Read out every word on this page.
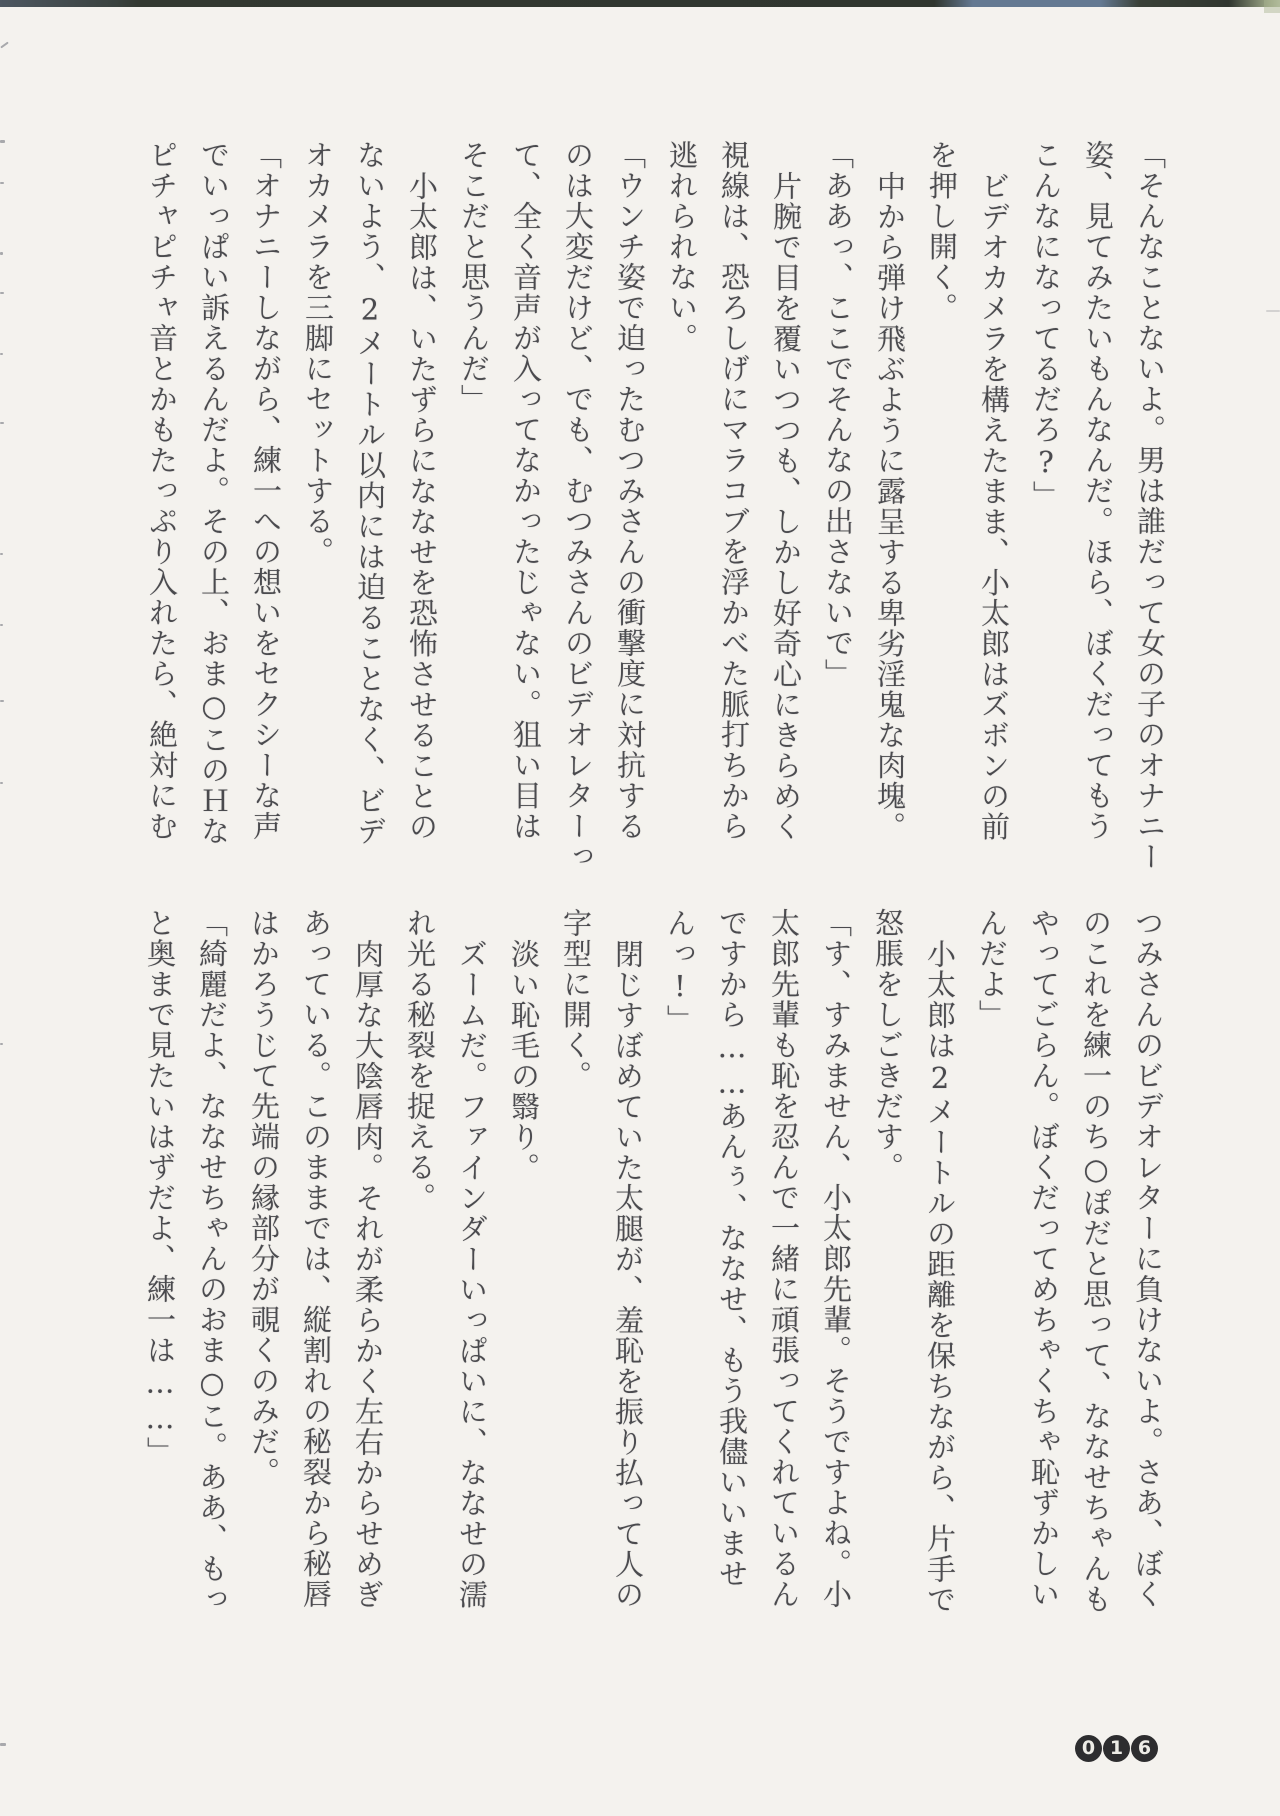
「そんなことないよ。男は誰だって女の子のオナニー
姿、見てみたいもんなんだ。ほら、ぼくだってもう
こんなになってるだろ?」
ビデオカメラを構えたまま、小太郎はズボンの前
を押し開く。
中から弾け飛ぶように露呈する卑劣淫鬼な肉塊。
「ああっ、ここでそんなの出さないで」
片腕で目を覆いつつも、しかし好奇心にきらめく
視線は、恐ろしげにマラコブを浮かべた脈打ちから
逃れられない。
「ウンチ姿で迫ったむつみさんの衝撃度に対抗する
のは大変だけど、でも、むつみさんのビデオレターっ
て、全く音声が入ってなかったじゃない。狙い目は
そこだと思うんだ」
小太郎は、いたずらにななせを恐怖させることの
ないよう、2メートル以内には迫ることなく、ビデ
オカメラを三脚にセットする。
「オナニーしながら、練一への想いをセクシーな声
でいっぱい訴えるんだよ。その上、おま○このＨな
ピチャピチャ音とかもたっぷり入れたら、絶対にむ
つみさんのビデオレターに負けないよ。さあ、ぼく
のこれを練一のち○ぽだと思って、ななせちゃんも
やってごらん。ぼくだってめちゃくちゃ恥ずかしい
んだよ」
小太郎は2メートルの距離を保ちながら、片手で
怒脹をしごきだす。
「す、すみません、小太郎先輩。そうですよね。小
太郎先輩も恥を忍んで一緒に頑張ってくれているん
ですから……あんぅ、ななせ、もう我儘いいませ
んっ!」
閉じすぼめていた太腿が、羞恥を振り払って人の
字型に開く。
淡い恥毛の翳り。
ズームだ。ファインダーいっぱいに、ななせの濡
れ光る秘裂を捉える。
肉厚な大陰唇肉。それが柔らかく左右からせめぎ
あっている。このままでは、縦割れの秘裂から秘唇
はかろうじて先端の縁部分が覗くのみだ。
「綺麗だよ、ななせちゃんのおま○こ。ああ、もっ
と奥まで見たいはずだよ、練一は……」
0 1 6
